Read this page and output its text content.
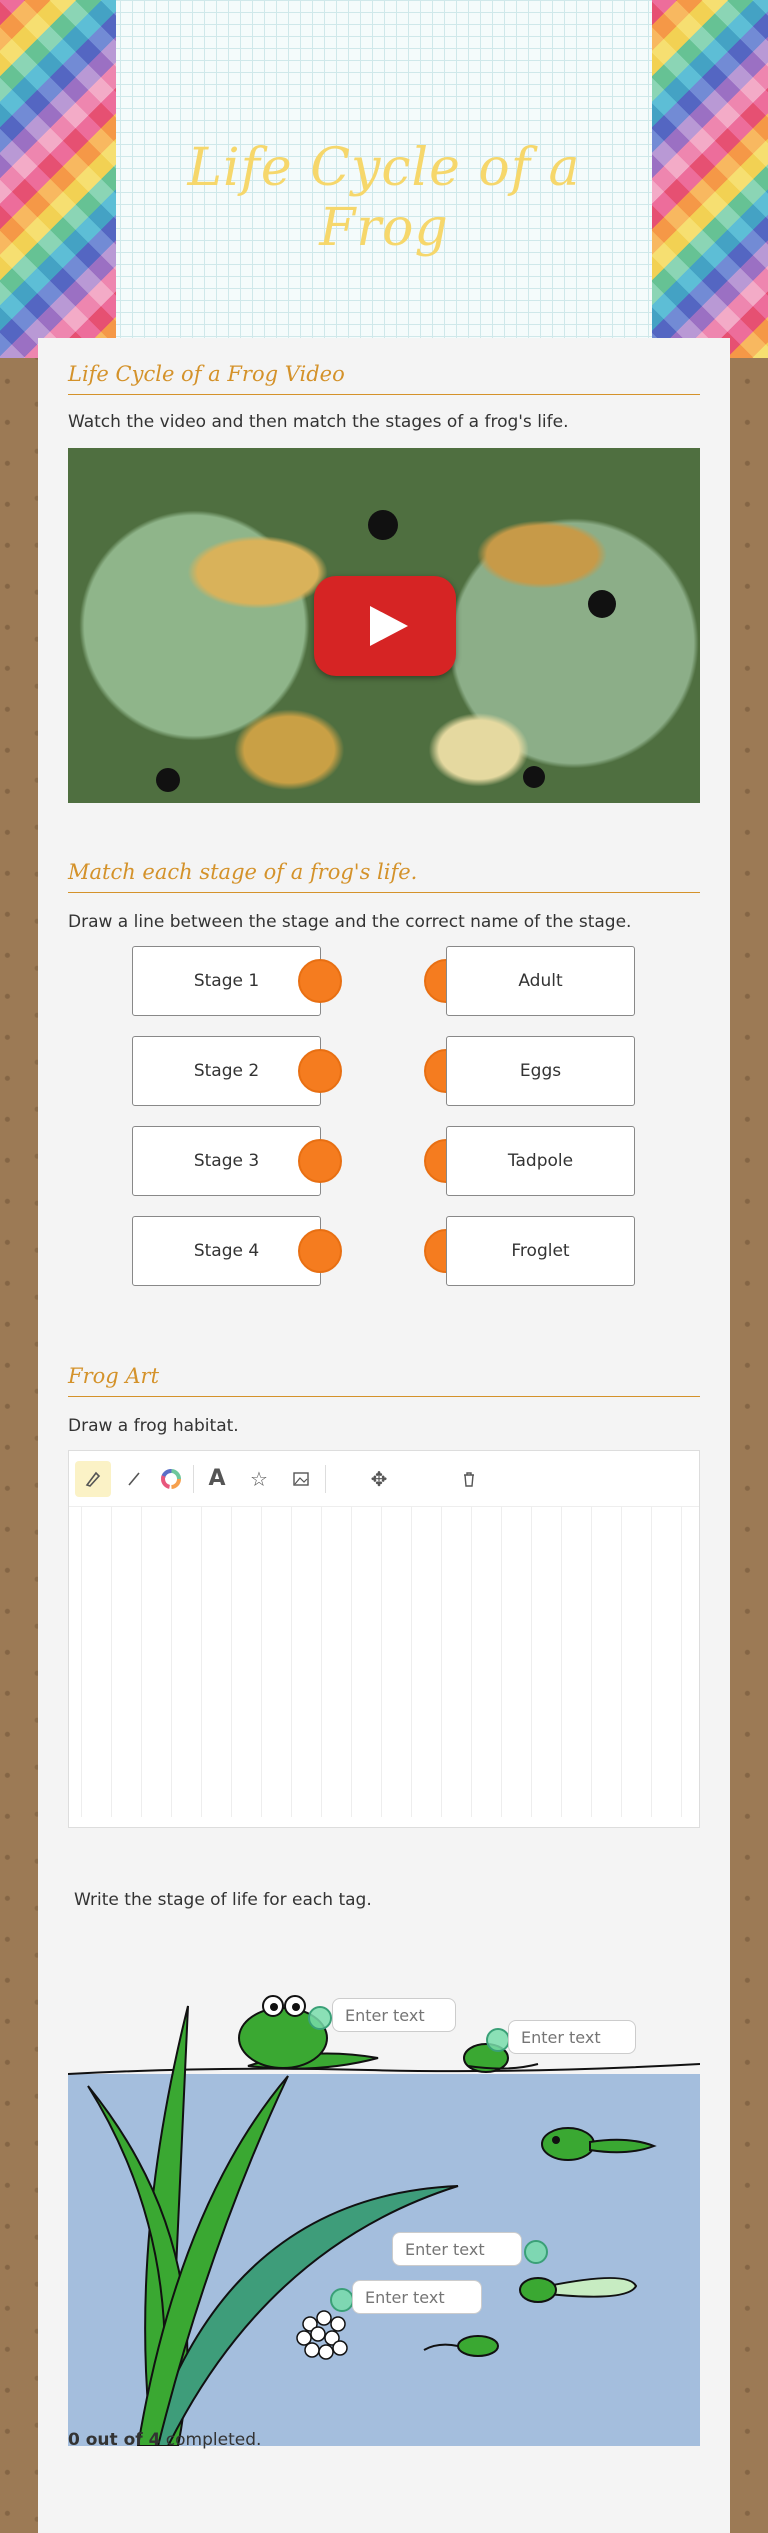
Life Cycle of a Frog
Life Cycle of a Frog Video
Watch the video and then match the stages of a frog's life.
Match each stage of a frog's life.
Draw a line between the stage and the correct name of the stage.
Stage 1
Stage 2
Stage 3
Stage 4
Adult
Eggs
Tadpole
Froglet
Frog Art
Draw a frog habitat.
A	☆	✥
Write the stage of life for each tag.
Enter text
Enter text
Enter text
Enter text
0 out of 4 completed.
